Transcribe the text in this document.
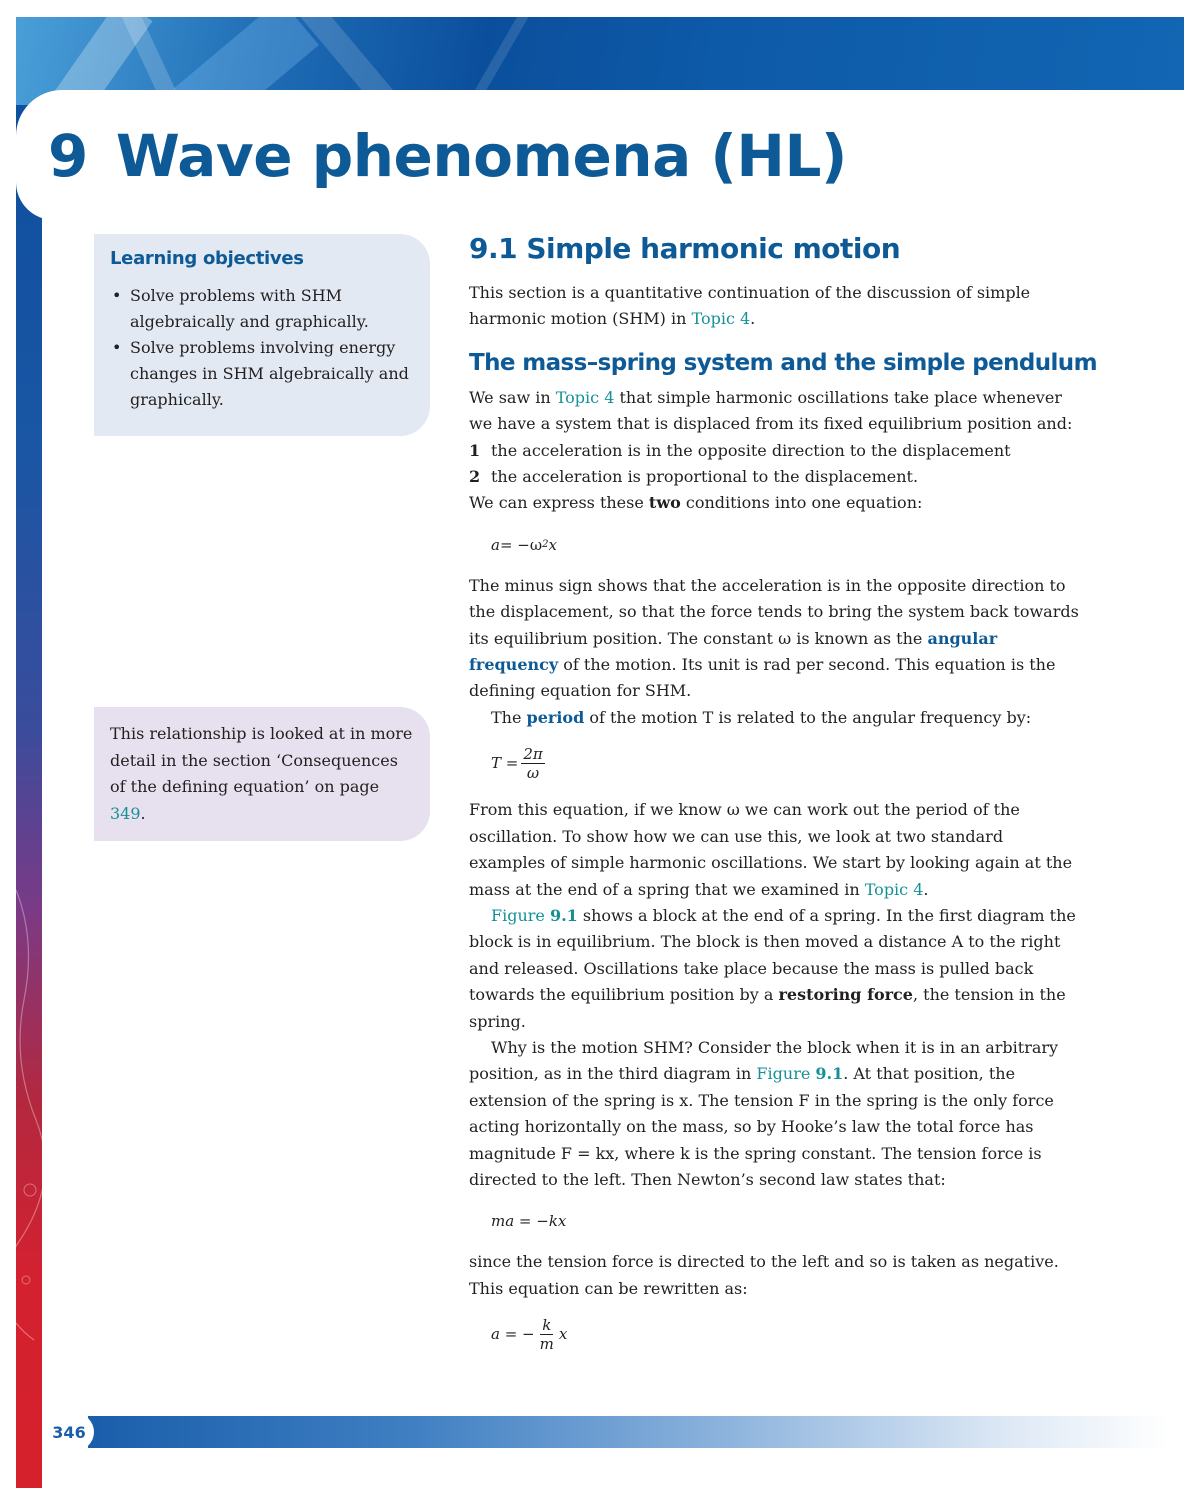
9 Wave phenomena (HL)
Learning objectives
• Solve problems with SHM algebraically and graphically.
• Solve problems involving energy changes in SHM algebraically and graphically.
This relationship is looked at in more detail in the section ‘Consequences of the defining equation’ on page 349.
9.1 Simple harmonic motion

This section is a quantitative continuation of the discussion of simple harmonic motion (SHM) in Topic 4.

The mass–spring system and the simple pendulum

We saw in Topic 4 that simple harmonic oscillations take place whenever we have a system that is displaced from its fixed equilibrium position and:

1 the acceleration is in the opposite direction to the displacement
2 the acceleration is proportional to the displacement.

We can express these two conditions into one equation:

a = −ω 2 x

The minus sign shows that the acceleration is in the opposite direction to the displacement, so that the force tends to bring the system back towards its equilibrium position. The constant ω is known as the angular frequency of the motion. Its unit is rad per second. This equation is the defining equation for SHM.

The period of the motion T is related to the angular frequency by:

$T = \frac{2\pi}{\omega}$

From this equation, if we know ω we can work out the period of the oscillation. To show how we can use this, we look at two standard examples of simple harmonic oscillations. We start by looking again at the mass at the end of a spring that we examined in Topic 4.

Figure 9.1 shows a block at the end of a spring. In the first diagram the block is in equilibrium. The block is then moved a distance A to the right and released. Oscillations take place because the mass is pulled back towards the equilibrium position by a restoring force, the tension in the spring.

Why is the motion SHM? Consider the block when it is in an arbitrary position, as in the third diagram in Figure 9.1. At that position, the extension of the spring is x. The tension F in the spring is the only force acting horizontally on the mass, so by Hooke’s law the total force has magnitude F = kx, where k is the spring constant. The tension force is directed to the left. Then Newton’s second law states that:

ma = −kx

since the tension force is directed to the left and so is taken as negative. This equation can be rewritten as:

a = − $\frac{k}{m}$ x
346
